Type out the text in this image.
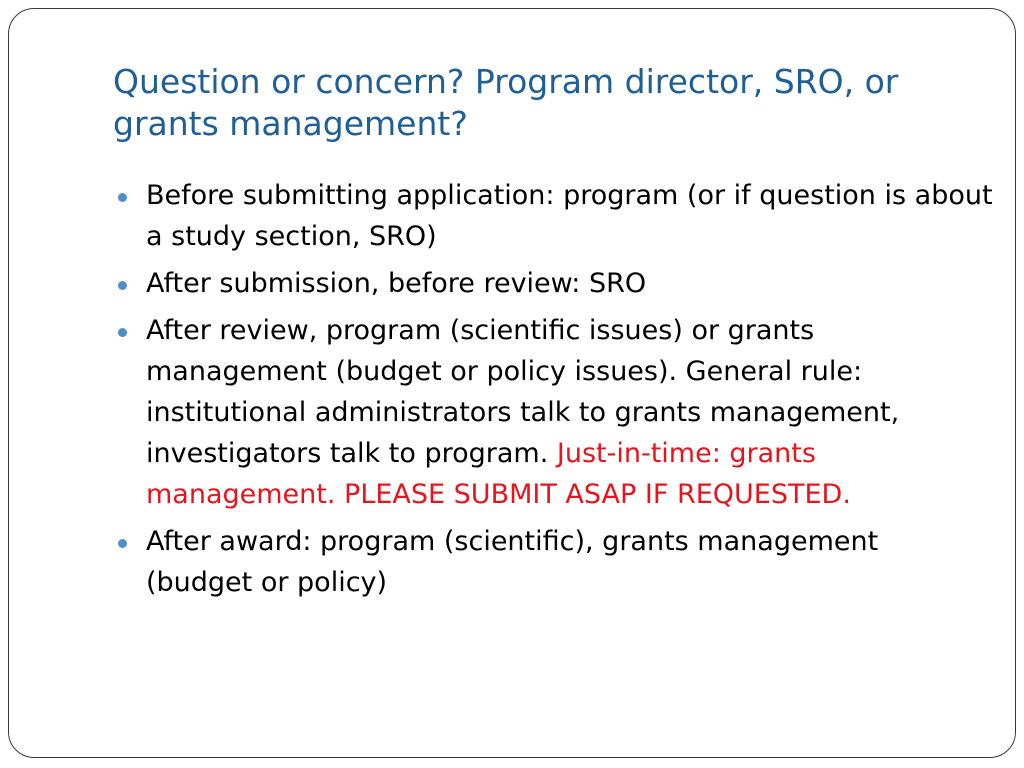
Question or concern? Program director, SRO, or grants management?
Before submitting application: program (or if question is about a study section, SRO)
After submission, before review: SRO
After review, program (scientific issues) or grants management (budget or policy issues). General rule: institutional administrators talk to grants management, investigators talk to program. Just-in-time: grants management. PLEASE SUBMIT ASAP IF REQUESTED.
After award: program (scientific), grants management (budget or policy)
